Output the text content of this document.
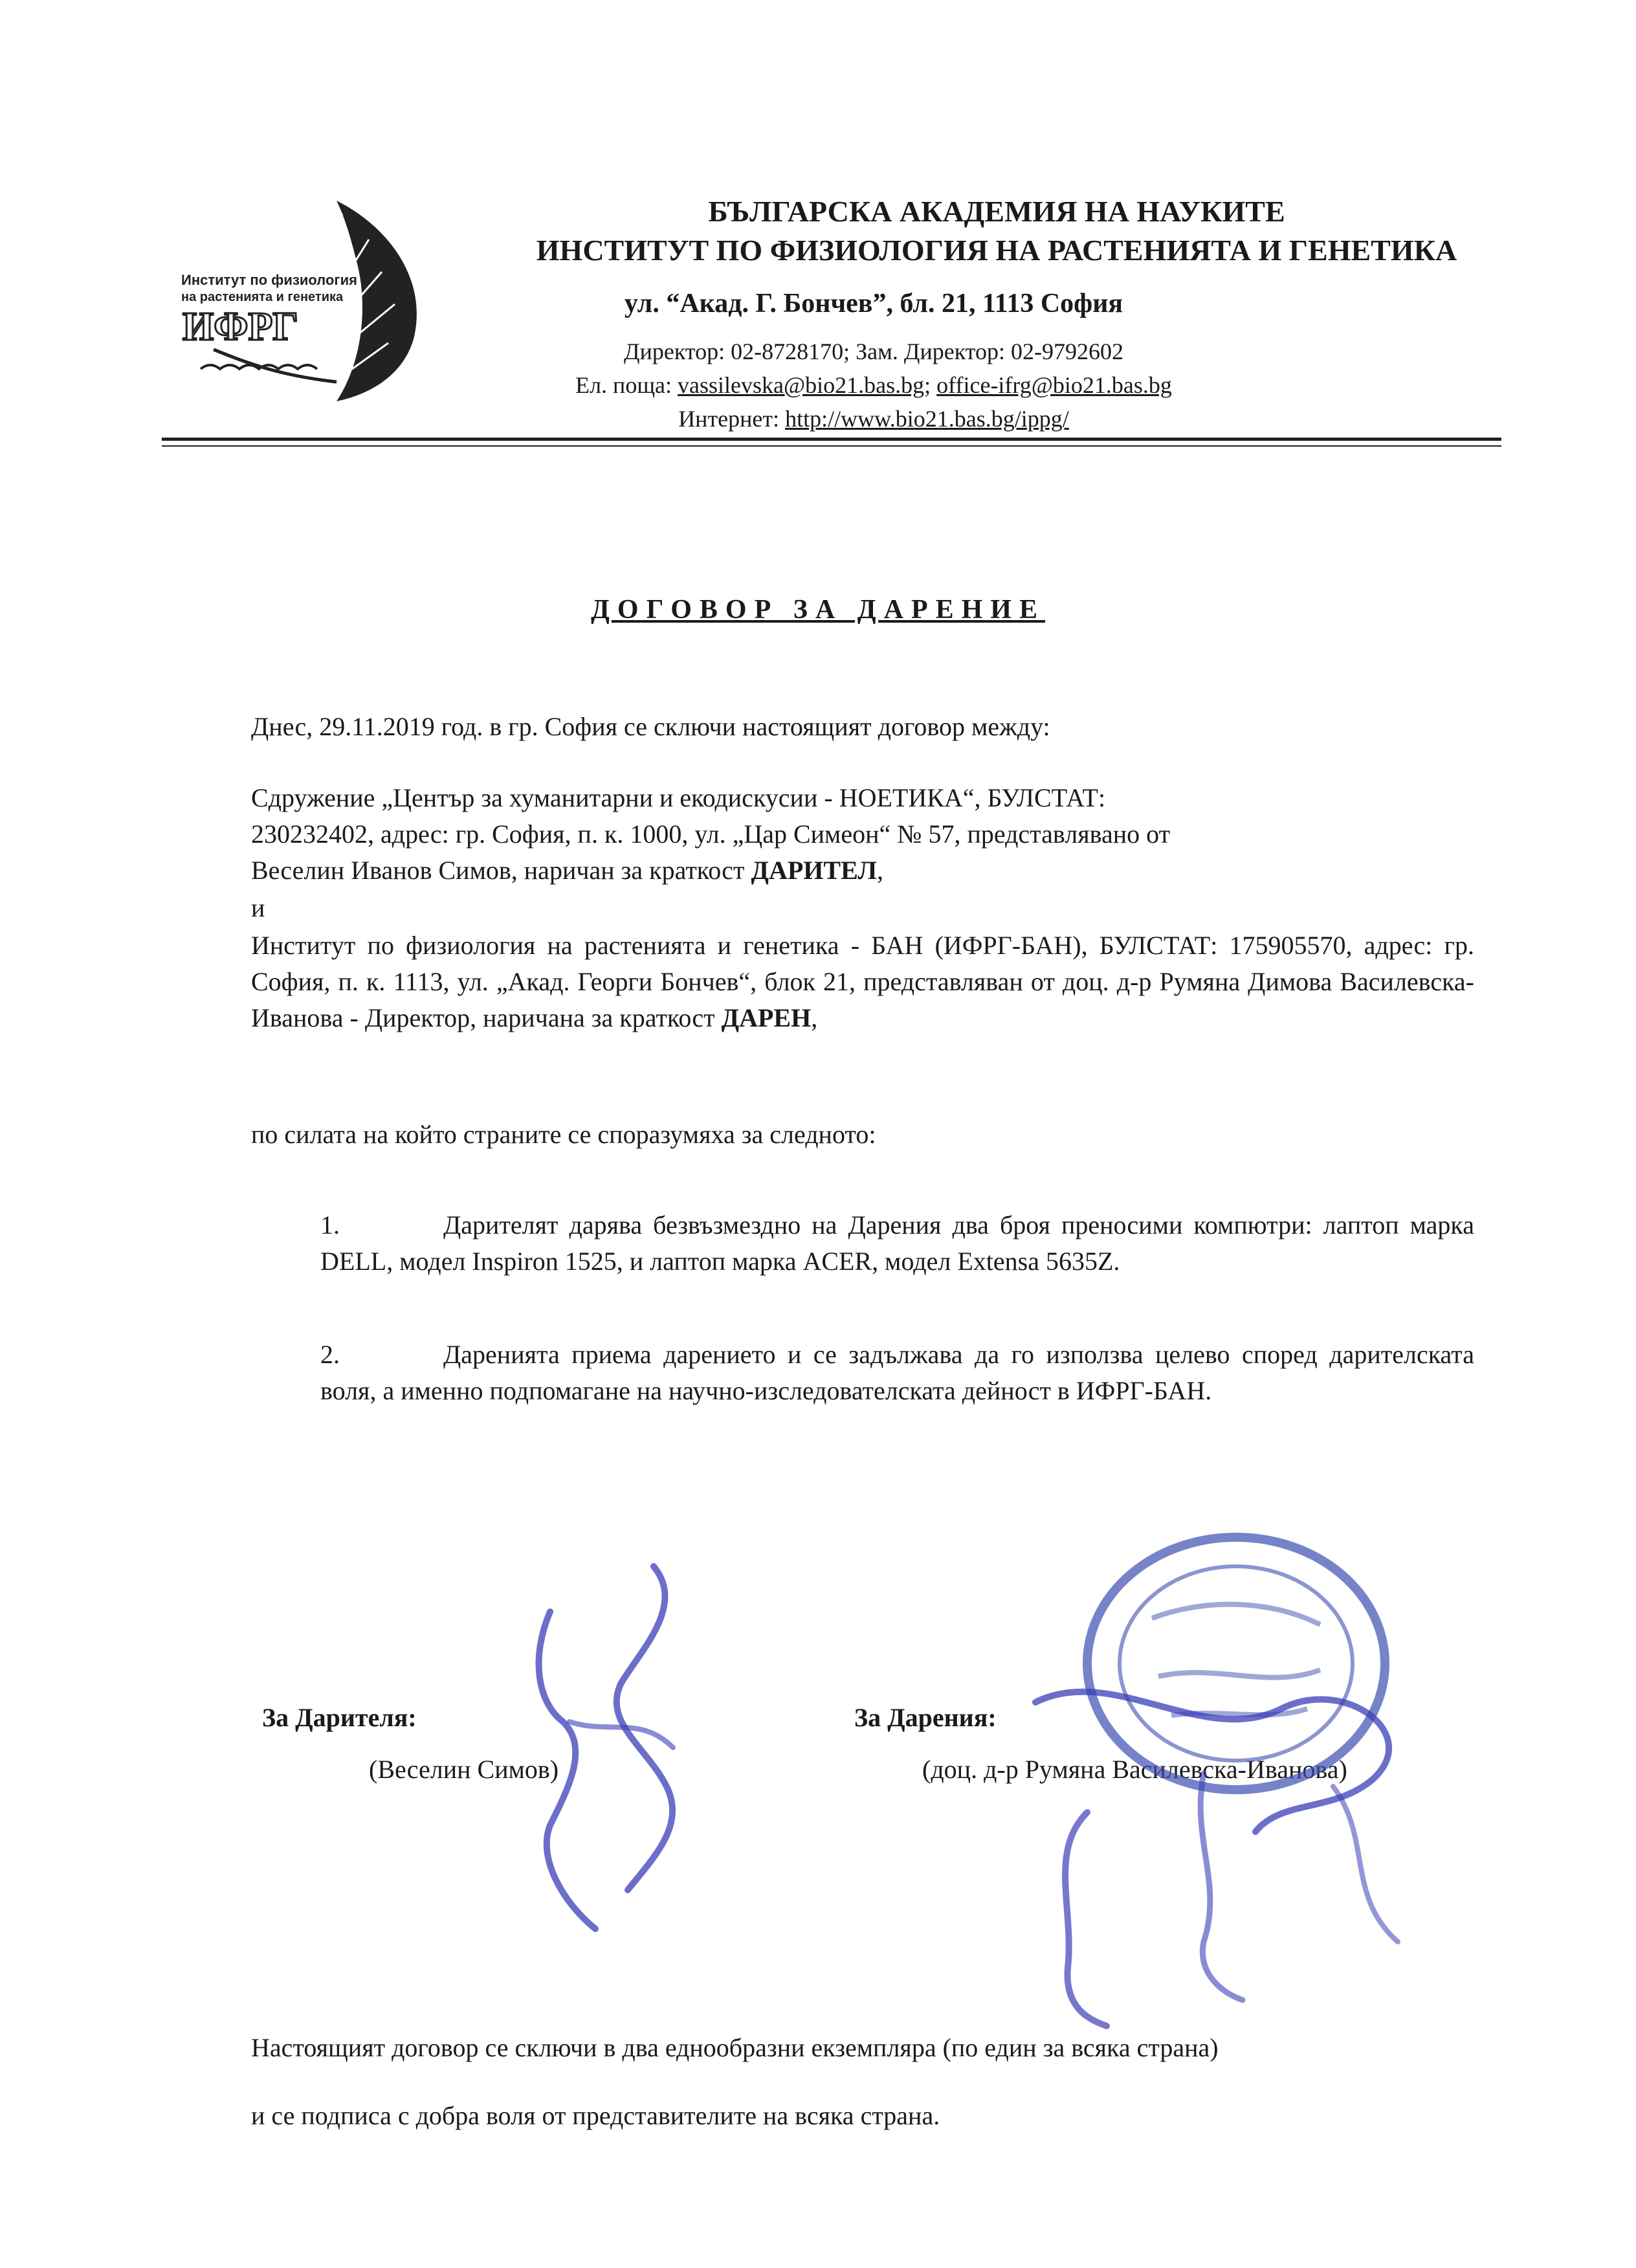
Институт по физиология
на растенията и генетика
ИФРГ
БЪЛГАРСКА АКАДЕМИЯ НА НАУКИТЕ
ИНСТИТУТ ПО ФИЗИОЛОГИЯ НА РАСТЕНИЯТА И ГЕНЕТИКА
ул. “Акад. Г. Бончев”, бл. 21, 1113 София
Директор: 02-8728170; Зам. Директор: 02-9792602
Ел. поща: vassilevska@bio21.bas.bg; office-ifrg@bio21.bas.bg
Интернет: http://www.bio21.bas.bg/ippg/
ДОГОВОР ЗА ДАРЕНИЕ
Днес, 29.11.2019 год. в гр. София се сключи настоящият договор между:
Сдружение „Център за хуманитарни и екодискусии - НОЕТИКА“, БУЛСТАТ:
230232402, адрес: гр. София, п. к. 1000, ул. „Цар Симеон“ № 57, представлявано от
Веселин Иванов Симов, наричан за краткост ДАРИТЕЛ,
и
Институт по физиология на растенията и генетика - БАН (ИФРГ-БАН), БУЛСТАТ: 175905570, адрес: гр. София, п. к. 1113, ул. „Акад. Георги Бончев“, блок 21, представляван от доц. д-р Румяна Димова Василевска-Иванова - Директор, наричана за краткост ДАРЕН,
по силата на който страните се споразумяха за следното:
1.	Дарителят дарява безвъзмездно на Дарения два броя преносими компютри: лаптоп марка DELL, модел Inspiron 1525, и лаптоп марка ACER, модел Extensa 5635Z.
2.	Даренията приема дарението и се задължава да го използва целево според дарителската воля, а именно подпомагане на научно-изследователската дейност в ИФРГ-БАН.
За Дарителя:	За Дарения:
(Веселин Симов)	(доц. д-р Румяна Василевска-Иванова)
Настоящият договор се сключи в два еднообразни екземпляра (по един за всяка страна)
и се подписа с добра воля от представителите на всяка страна.
